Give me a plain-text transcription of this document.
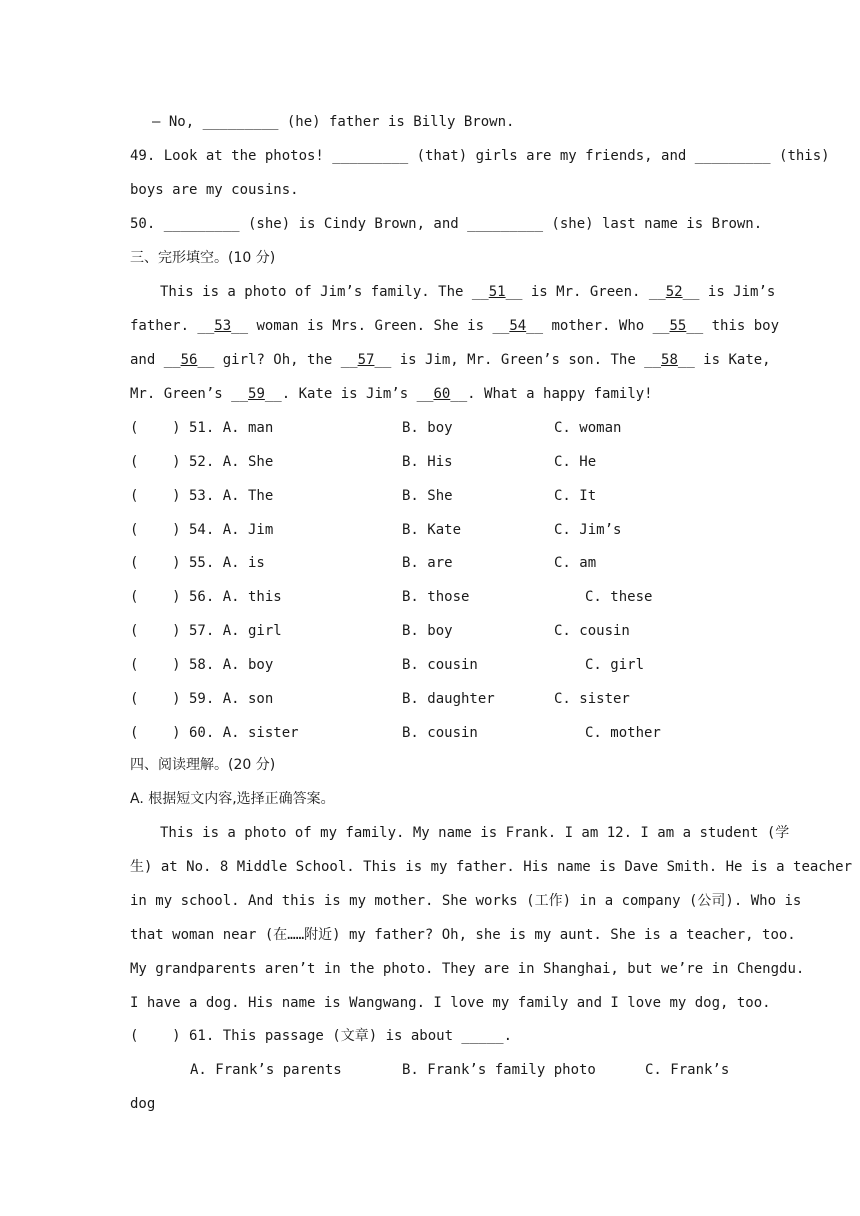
— No, _________ (he) father is Billy Brown.
49. Look at the photos! _________ (that) girls are my friends, and _________ (this)
boys are my cousins.
50. _________ (she) is Cindy Brown, and _________ (she) last name is Brown.
三、完形填空。(10 分)
This is a photo of Jim’s family. The __51__ is Mr. Green. __52__ is Jim’s
father. __53__ woman is Mrs. Green. She is __54__ mother. Who __55__ this boy
and __56__ girl? Oh, the __57__ is Jim, Mr. Green’s son. The __58__ is Kate,
Mr. Green’s __59__. Kate is Jim’s __60__. What a happy family!
(    ) 51. A. man	B. boy	C. woman
(    ) 52. A. She	B. His	C. He
(    ) 53. A. The	B. She	C. It
(    ) 54. A. Jim	B. Kate	C. Jim’s
(    ) 55. A. is	B. are	C. am
(    ) 56. A. this	B. those	C. these
(    ) 57. A. girl	B. boy	C. cousin
(    ) 58. A. boy	B. cousin	C. girl
(    ) 59. A. son	B. daughter	C. sister
(    ) 60. A. sister	B. cousin	C. mother
四、阅读理解。(20 分)
A. 根据短文内容,选择正确答案。
This is a photo of my family. My name is Frank. I am 12. I am a student (学
生) at No. 8 Middle School. This is my father. His name is Dave Smith. He is a teacher
in my school. And this is my mother. She works (工作) in a company (公司). Who is
that woman near (在……附近) my father? Oh, she is my aunt. She is a teacher, too.
My grandparents aren’t in the photo. They are in Shanghai, but we’re in Chengdu.
I have a dog. His name is Wangwang. I love my family and I love my dog, too.
(    ) 61. This passage (文章) is about _____.

A. Frank’s parents

	B. Frank’s family photo

	C. Frank’s

dog
